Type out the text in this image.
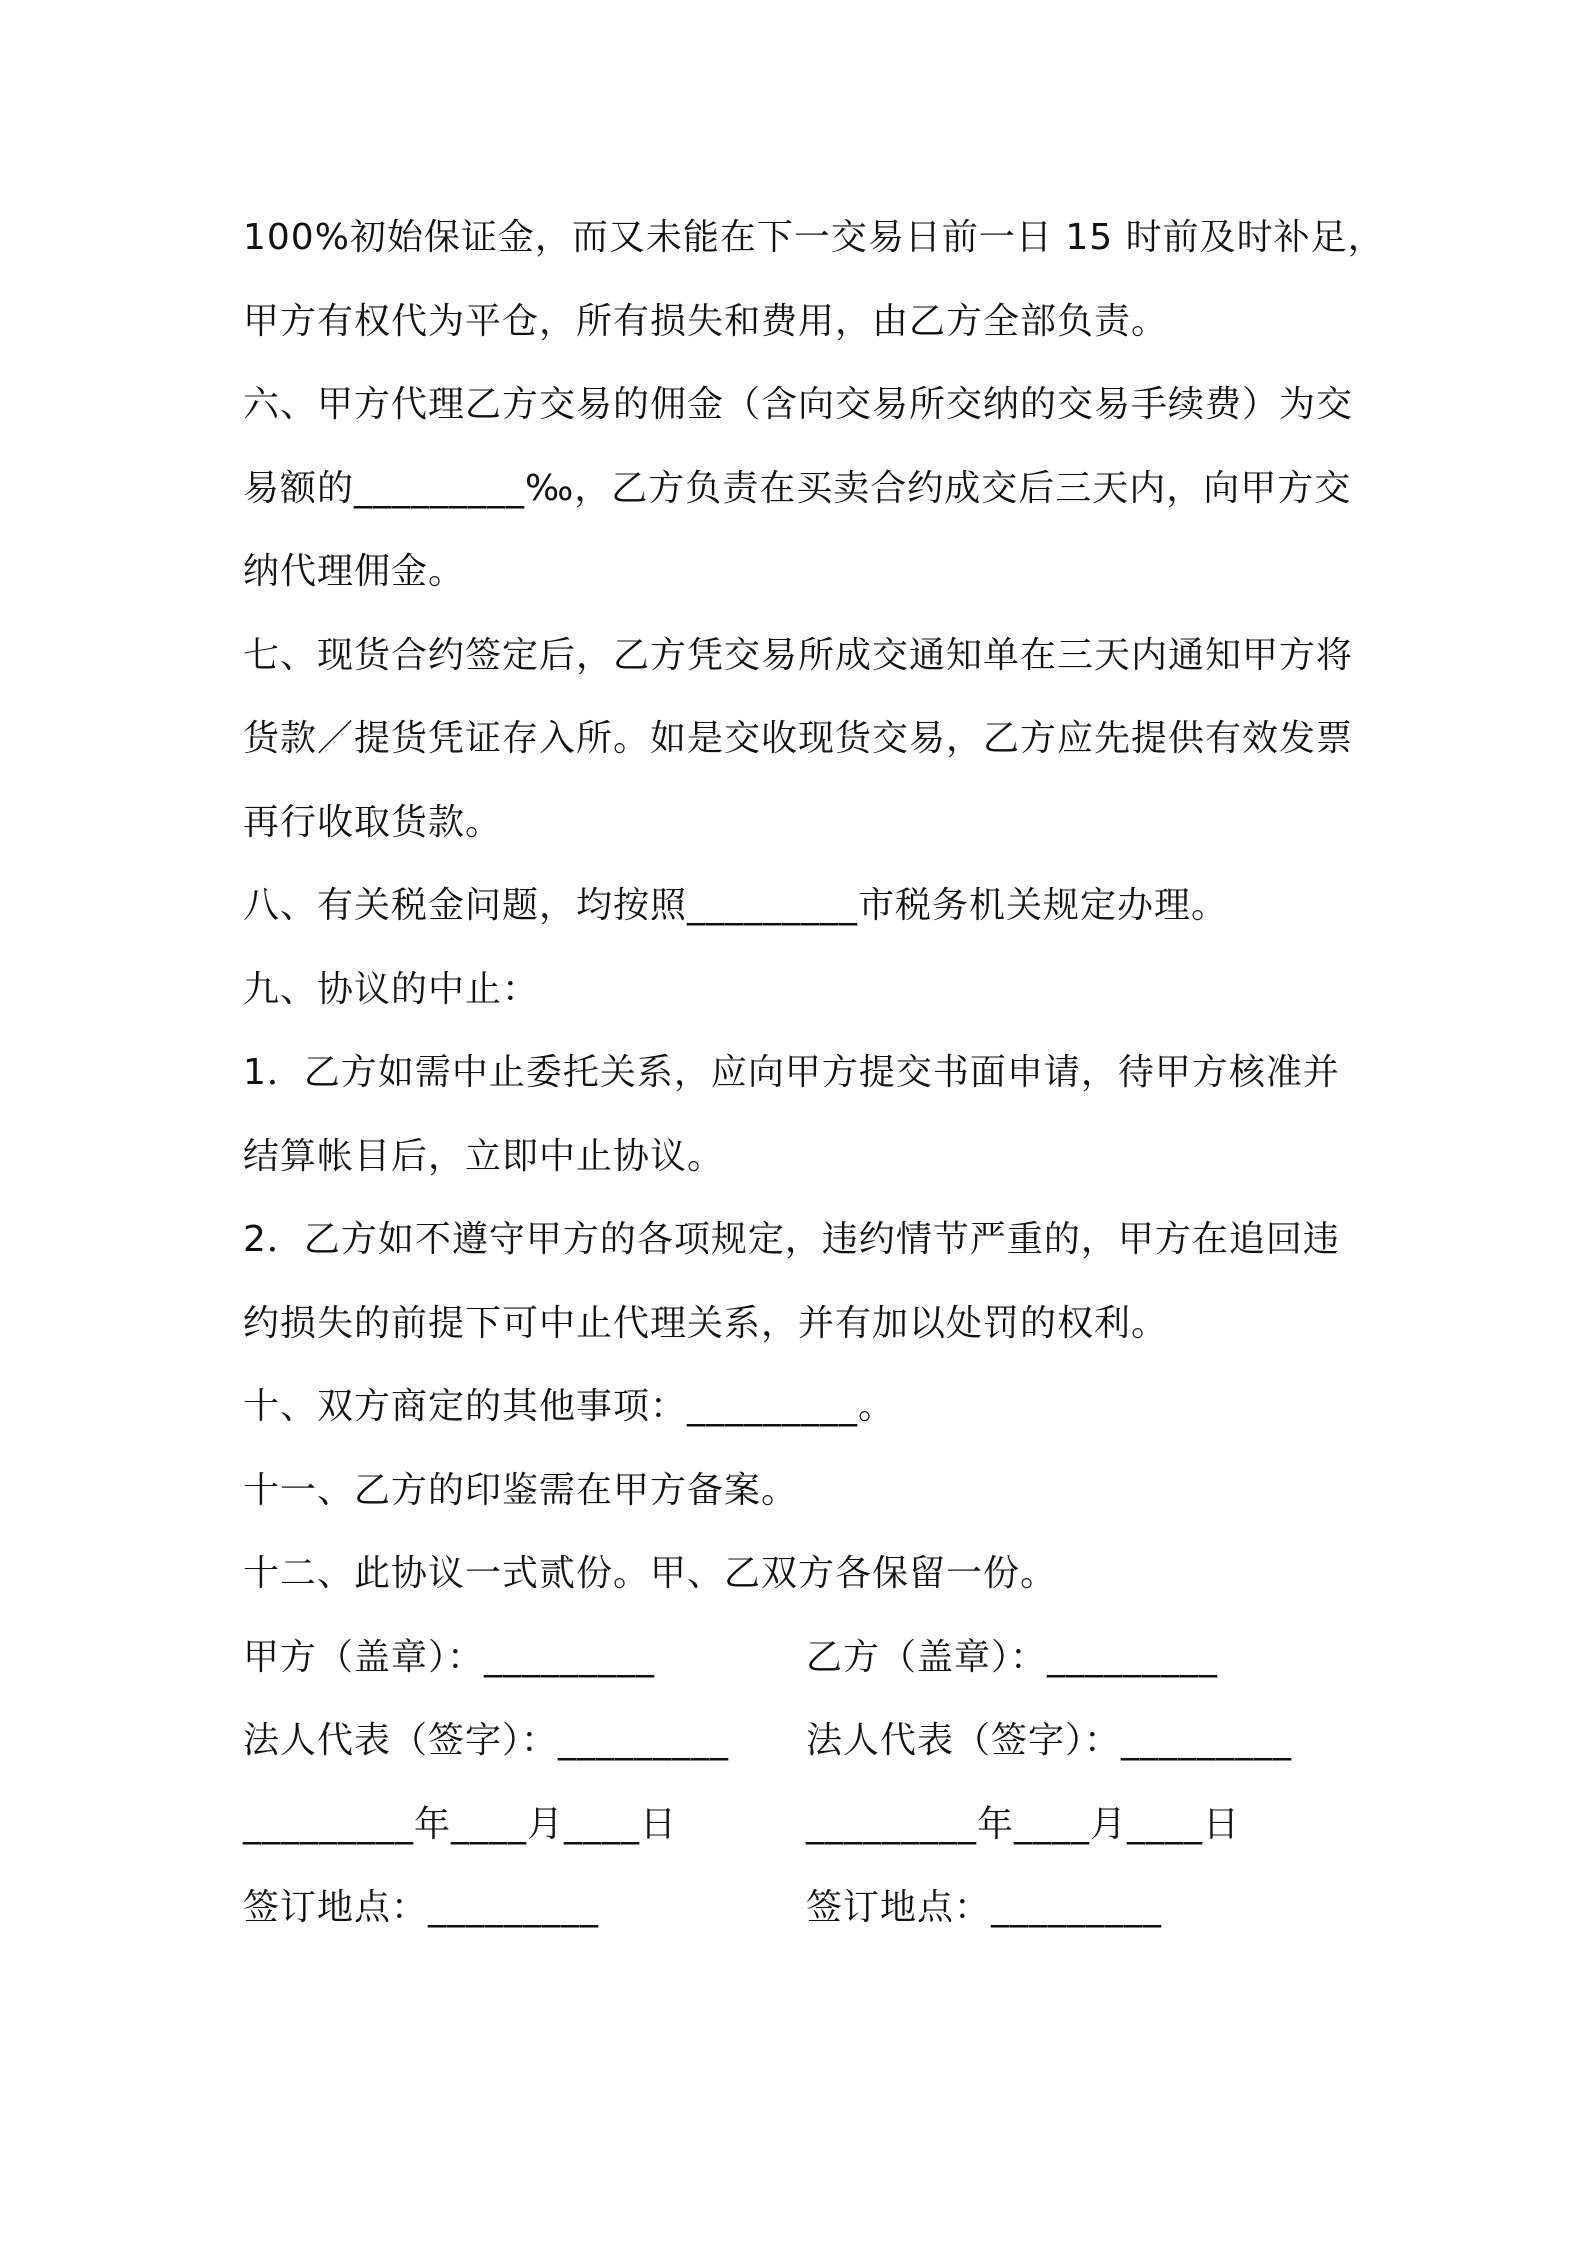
100%初始保证金，而又未能在下一交易日前一日 15 时前及时补足，
甲方有权代为平仓，所有损失和费用，由乙方全部负责。
六、甲方代理乙方交易的佣金（含向交易所交纳的交易手续费）为交
易额的_________‰，乙方负责在买卖合约成交后三天内，向甲方交
纳代理佣金。
七、现货合约签定后，乙方凭交易所成交通知单在三天内通知甲方将
货款／提货凭证存入所。如是交收现货交易，乙方应先提供有效发票
再行收取货款。
八、有关税金问题，均按照_________市税务机关规定办理。
九、协议的中止：
1．乙方如需中止委托关系，应向甲方提交书面申请，待甲方核准并
结算帐目后，立即中止协议。
2．乙方如不遵守甲方的各项规定，违约情节严重的，甲方在追回违
约损失的前提下可中止代理关系，并有加以处罚的权利。
十、双方商定的其他事项：_________。
十一、乙方的印鉴需在甲方备案。
十二、此协议一式贰份。甲、乙双方各保留一份。
甲方（盖章）：_________	乙方（盖章）：_________
法人代表（签字）：_________ 法人代表（签字）：_________
_________年____月____日	_________年____月____日
签订地点：_________	签订地点：_________
